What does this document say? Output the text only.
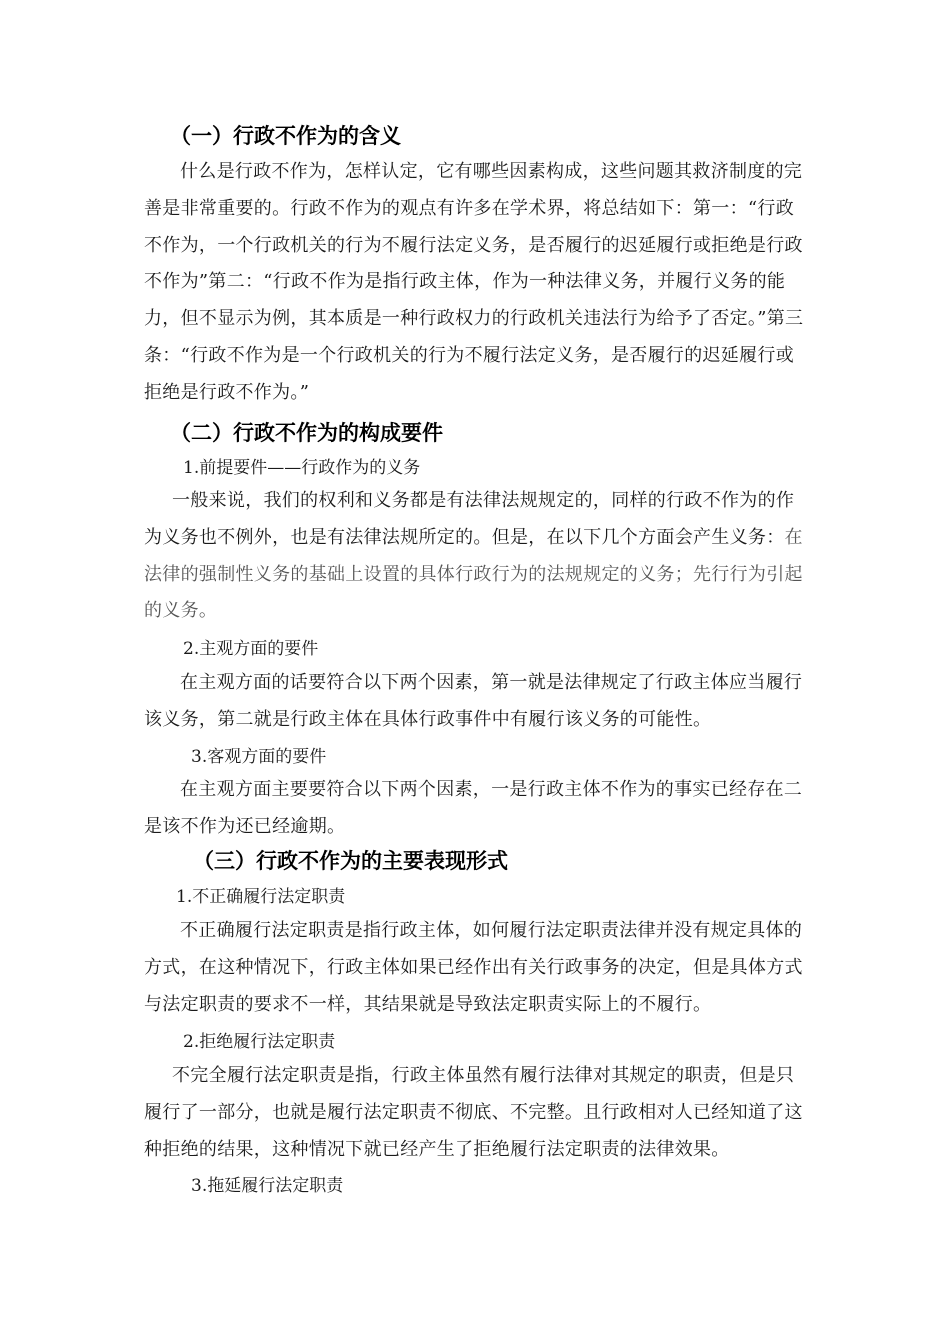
（一）行政不作为的含义
什么是行政不作为，怎样认定，它有哪些因素构成，这些问题其救济制度的完善是非常重要的。行政不作为的观点有许多在学术界，将总结如下：第一：“行政不作为，一个行政机关的行为不履行法定义务，是否履行的迟延履行或拒绝是行政不作为”第二：“行政不作为是指行政主体，作为一种法律义务，并履行义务的能力，但不显示为例，其本质是一种行政权力的行政机关违法行为给予了否定。”第三条：“行政不作为是一个行政机关的行为不履行法定义务，是否履行的迟延履行或拒绝是行政不作为。”
（二）行政不作为的构成要件
1.前提要件——行政作为的义务
一般来说，我们的权利和义务都是有法律法规规定的，同样的行政不作为的作为义务也不例外，也是有法律法规所定的。但是，在以下几个方面会产生义务：在法律的强制性义务的基础上设置的具体行政行为的法规规定的义务；先行行为引起的义务。
2.主观方面的要件
在主观方面的话要符合以下两个因素，第一就是法律规定了行政主体应当履行该义务，第二就是行政主体在具体行政事件中有履行该义务的可能性。
3.客观方面的要件
在主观方面主要要符合以下两个因素，一是行政主体不作为的事实已经存在二是该不作为还已经逾期。
（三）行政不作为的主要表现形式
1.不正确履行法定职责
不正确履行法定职责是指行政主体，如何履行法定职责法律并没有规定具体的方式，在这种情况下，行政主体如果已经作出有关行政事务的决定，但是具体方式与法定职责的要求不一样，其结果就是导致法定职责实际上的不履行。
2.拒绝履行法定职责
不完全履行法定职责是指，行政主体虽然有履行法律对其规定的职责，但是只履行了一部分，也就是履行法定职责不彻底、不完整。且行政相对人已经知道了这种拒绝的结果，这种情况下就已经产生了拒绝履行法定职责的法律效果。
3.拖延履行法定职责
